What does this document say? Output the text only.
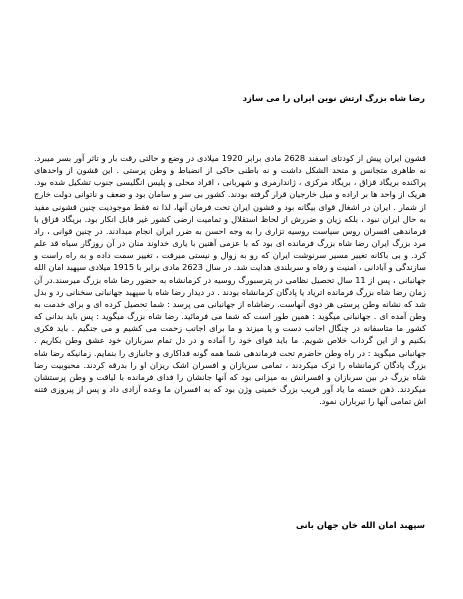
رضا شاه بزرگ ارتش نوین ایران را می سازد

قشون ایران پیش از کودتای اسفند 2628 مادی برابر 1920 میلادی در وضع و حالتی رقت بار و تاثر آور بسر میبرد. نه ظاهری متجانس و متحد الشکل داشت و نه باطنی حاکی از انضباط و وطن پرستی . این قشون از واحدهای پراکنده بریگاد قزاق ، بریگاد مرکزی ، ژاندارمری و شهربانی ، افراد محلی و پلیس انگلیسی جنوب تشکیل شده بود. هریک از واحد ها بر اراده و میل خارجیان قرار گرفته بودند. کشور بی سر و سامان بود و ضعف و ناتوانی دولت خارج از شمار . ایران در اشغال قوای بیگانه بود و قشون ایران تحت فرمان آنها، لذا نه فقط موجودیت چنین قشونی مفید به حال ایران نبود ، بلکه زیان و ضررش از لحاظ استقلال و تمامیت ارضی کشور غیر قابل انکار بود. بریگاد قزاق با فرماندهی افسران روس سیاست روسیه تزاری را به وجه احسن به ضرر ایران انجام میدادند. در چنین قوانی ، راد مرد بزرگ ایران رضا شاه بزرگ فرمانده ای بود که با عزمی آهنین با یاری خداوند منان در آن روزگار سیاه قد علم کرد. و بی باکانه تغییر مسیر سرنوشت ایران که رو به زوال و نیستی میرفت ، تغییر سمت داده و به راه راست و سازندگی و آبادانی ، امنیت و رفاه و سربلندی هدایت شد. در سال 2623 مادی برابر با 1915 میلادی سپهبد امان الله جهانبانی ، پس از 11 سال تحصیل نظامی در پترسبورگ روسیه در کرمانشاه به حضور رضا شاه بزرگ میرسند.در آن زمان رضا شاه بزرگ فرمانده اتریاد یا پادگان کرمانشاه بودند . در دیدار رضا شاه با سپهبد جهانبانی سخنانی رد و بدل شد که نشانه وطن پرستی هر دوی آنهاست. رضاشاه از جهانبانی می پرسد : شما تحصیل کرده ای و برای خدمت به وطن آمده ای . جهانبانی میگوید : همین طور است که شما می فرمائید. رضا شاه بزرگ میگوید : پس باید بدانی که کشور ما متاسفانه در چنگال اجانب دست و پا میزند و ما برای اجانب زحمت می کشیم و می جنگیم . باید فکری بکنیم و از این گرداب خلاص شویم. ما باید قوای خود را آماده و در دل تمام سربازان خود عشق وطن بکاریم . جهانبانی میگوید : در راه وطن حاضرم تحت فرماندهی شما همه گونه فداکاری و جانبازی را بنمایم. زمانیکه رضا شاه بزرگ پادگان کرمانشاه را ترک میکردند ، تمامی سربازان و افسران اشک ریزان او را بدرقه کردند. محبوبیت رضا شاه بزرگ در بین سربازان و افسرانش به میزانی بود که آنها جانشان را فدای فرمانده با لیاقت و وطن پرستشان میکردند. ذهن خسته ما یاد آور فریب بزرگ خمینی وژن بود که به افسران ما وعده آزادی داد و پس از پیروزی فتنه اش تمامی آنها را تیرباران نمود.

سپهبد امان الله خان جهان بانی
